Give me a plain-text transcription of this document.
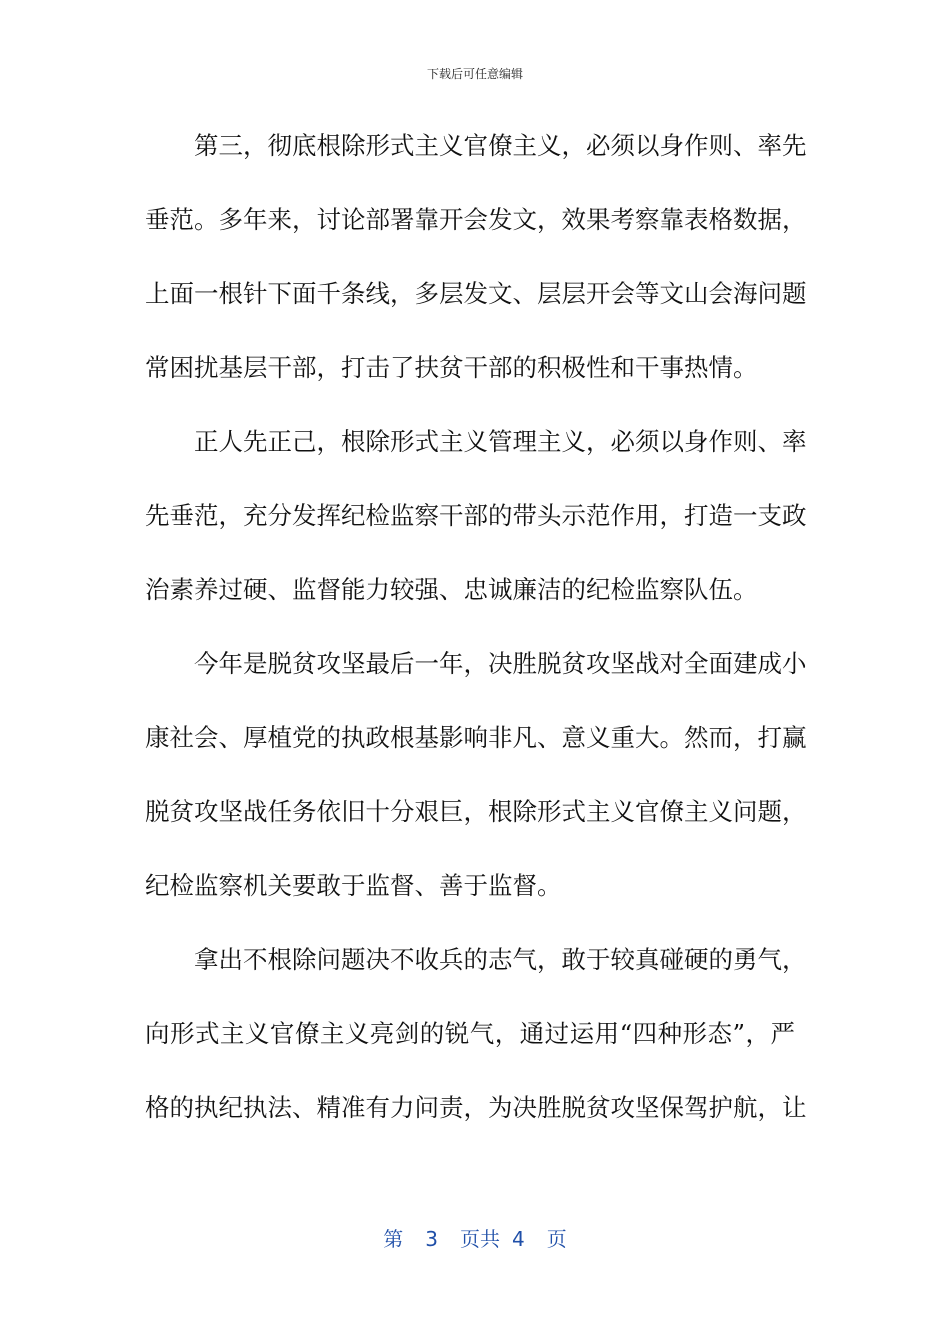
下载后可任意编辑
第三，彻底根除形式主义官僚主义，必须以身作则、率先
垂范。多年来，讨论部署靠开会发文，效果考察靠表格数据，
上面一根针下面千条线，多层发文、层层开会等文山会海问题
常困扰基层干部，打击了扶贫干部的积极性和干事热情。
正人先正己，根除形式主义管理主义，必须以身作则、率
先垂范，充分发挥纪检监察干部的带头示范作用，打造一支政
治素养过硬、监督能力较强、忠诚廉洁的纪检监察队伍。
今年是脱贫攻坚最后一年，决胜脱贫攻坚战对全面建成小
康社会、厚植党的执政根基影响非凡、意义重大。然而，打赢
脱贫攻坚战任务依旧十分艰巨，根除形式主义官僚主义问题，
纪检监察机关要敢于监督、善于监督。
拿出不根除问题决不收兵的志气，敢于较真碰硬的勇气，
向形式主义官僚主义亮剑的锐气，通过运用“四种形态”，严
格的执纪执法、精准有力问责，为决胜脱贫攻坚保驾护航，让
第 3 页共 4 页
